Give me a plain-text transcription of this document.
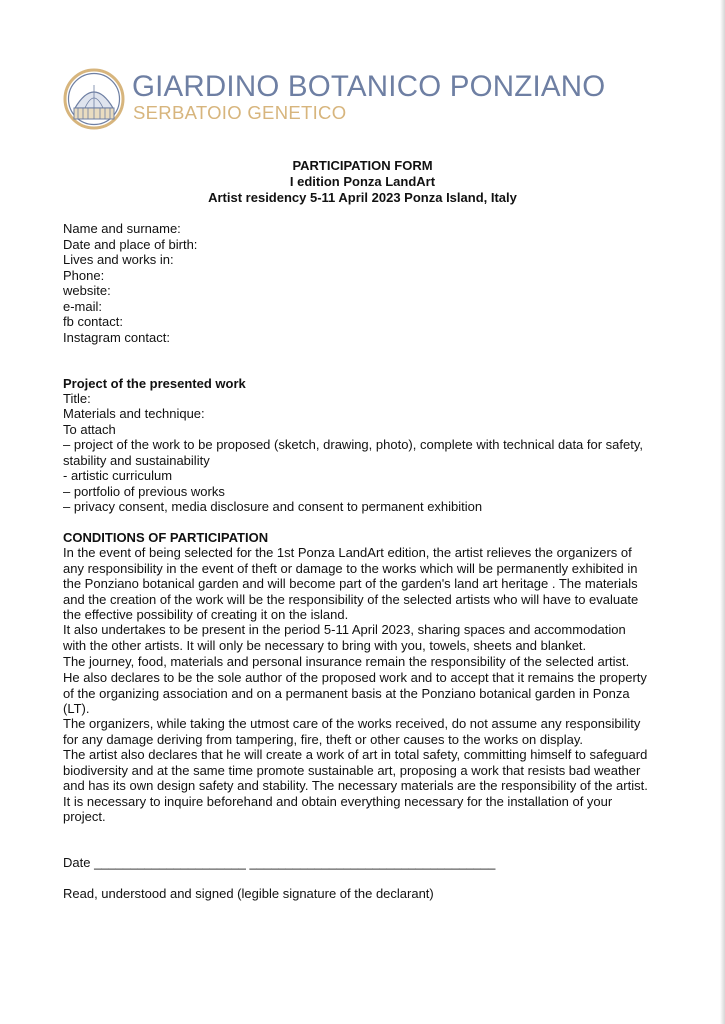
GIARDINO BOTANICO PONZIANO
SERBATOIO GENETICO
PARTICIPATION FORM
I edition Ponza LandArt
Artist residency 5-11 April 2023 Ponza Island, Italy
Name and surname:
Date and place of birth:
Lives and works in:
Phone:
website:
e-mail:
fb contact:
Instagram contact:
Project of the presented work
Title:
Materials and technique:
To attach
– project of the work to be proposed (sketch, drawing, photo), complete with technical data for safety,
stability and sustainability
- artistic curriculum
– portfolio of previous works
– privacy consent, media disclosure and consent to permanent exhibition
CONDITIONS OF PARTICIPATION
In the event of being selected for the 1st Ponza LandArt edition, the artist relieves the organizers of
any responsibility in the event of theft or damage to the works which will be permanently exhibited in
the Ponziano botanical garden and will become part of the garden's land art heritage . The materials
and the creation of the work will be the responsibility of the selected artists who will have to evaluate
the effective possibility of creating it on the island.
It also undertakes to be present in the period 5-11 April 2023, sharing spaces and accommodation
with the other artists. It will only be necessary to bring with you, towels, sheets and blanket.
The journey, food, materials and personal insurance remain the responsibility of the selected artist.
He also declares to be the sole author of the proposed work and to accept that it remains the property
of the organizing association and on a permanent basis at the Ponziano botanical garden in Ponza
(LT).
The organizers, while taking the utmost care of the works received, do not assume any responsibility
for any damage deriving from tampering, fire, theft or other causes to the works on display.
The artist also declares that he will create a work of art in total safety, committing himself to safeguard
biodiversity and at the same time promote sustainable art, proposing a work that resists bad weather
and has its own design safety and stability. The necessary materials are the responsibility of the artist.
It is necessary to inquire beforehand and obtain everything necessary for the installation of your
project.
Date _____________________ __________________________________
Read, understood and signed (legible signature of the declarant)
